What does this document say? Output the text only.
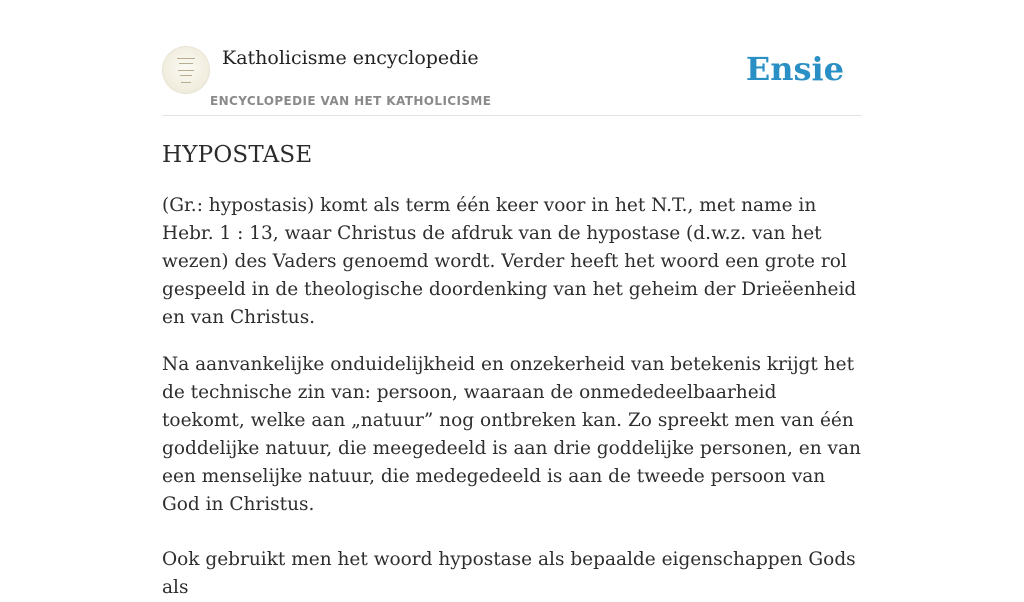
Katholicisme encyclopedie
ENCYCLOPEDIE VAN HET KATHOLICISME
Ensie
HYPOSTASE

(Gr.: hypostasis) komt als term één keer voor in het N.T., met name in Hebr. 1 : 13, waar Christus de afdruk van de hypostase (d.w.z. van het wezen) des Vaders genoemd wordt. Verder heeft het woord een grote rol gespeeld in de theologische doordenking van het geheim der Drieëenheid en van Christus.

Na aanvankelijke onduidelijkheid en onzekerheid van betekenis krijgt het de technische zin van: persoon, waaraan de onmededeelbaarheid toekomt, welke aan „natuur” nog ontbreken kan. Zo spreekt men van één goddelijke natuur, die meegedeeld is aan drie goddelijke personen, en van een menselijke natuur, die medegedeeld is aan de tweede persoon van God in Christus.

Ook gebruikt men het woord hypostase als bepaalde eigenschappen Gods als
